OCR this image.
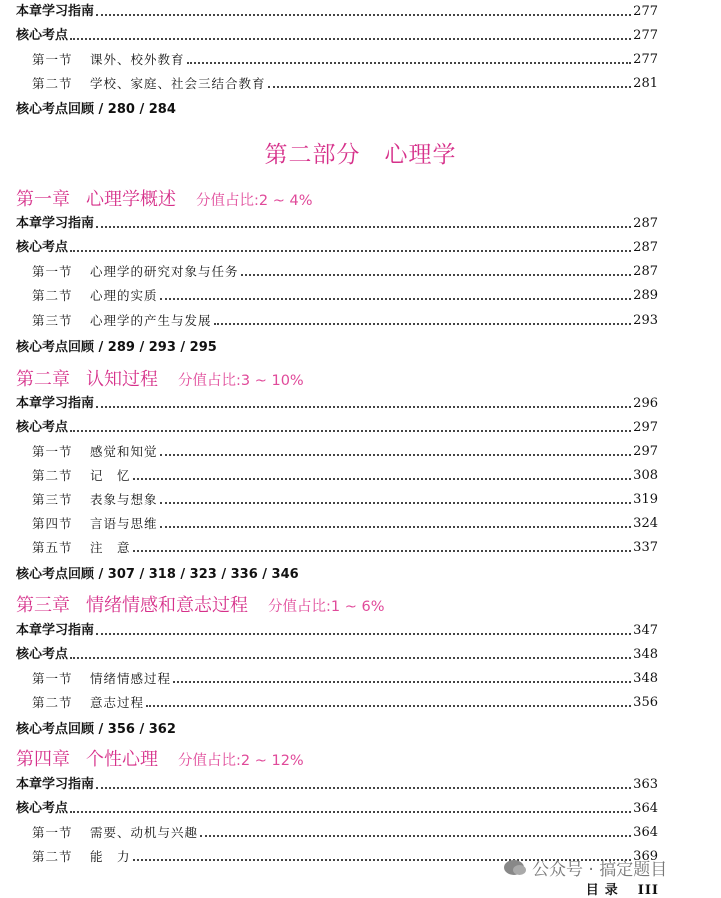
本章学习指南	277
核心考点	277
第一节 课外、校外教育	277
第二节 学校、家庭、社会三结合教育	281
核心考点回顾 / 280 / 284
第一章 心理学概述 分值占比:2 ~ 4%
本章学习指南	287
核心考点	287
第一节 心理学的研究对象与任务	287
第二节 心理的实质	289
第三节 心理学的产生与发展	293
核心考点回顾 / 289 / 293 / 295
第二章 认知过程 分值占比:3 ~ 10%
本章学习指南	296
核心考点	297
第一节 感觉和知觉	297
第二节 记　忆	308
第三节 表象与想象	319
第四节 言语与思维	324
第五节 注　意	337
核心考点回顾 / 307 / 318 / 323 / 336 / 346
第三章 情绪情感和意志过程 分值占比:1 ~ 6%
本章学习指南	347
核心考点	348
第一节 情绪情感过程	348
第二节 意志过程	356
核心考点回顾 / 356 / 362
第四章 个性心理 分值占比:2 ~ 12%
本章学习指南	363
核心考点	364
第一节 需要、动机与兴趣	364
第二节 能　力	369
第二部分　心理学
公众号 · 搞定题目
目录 III
